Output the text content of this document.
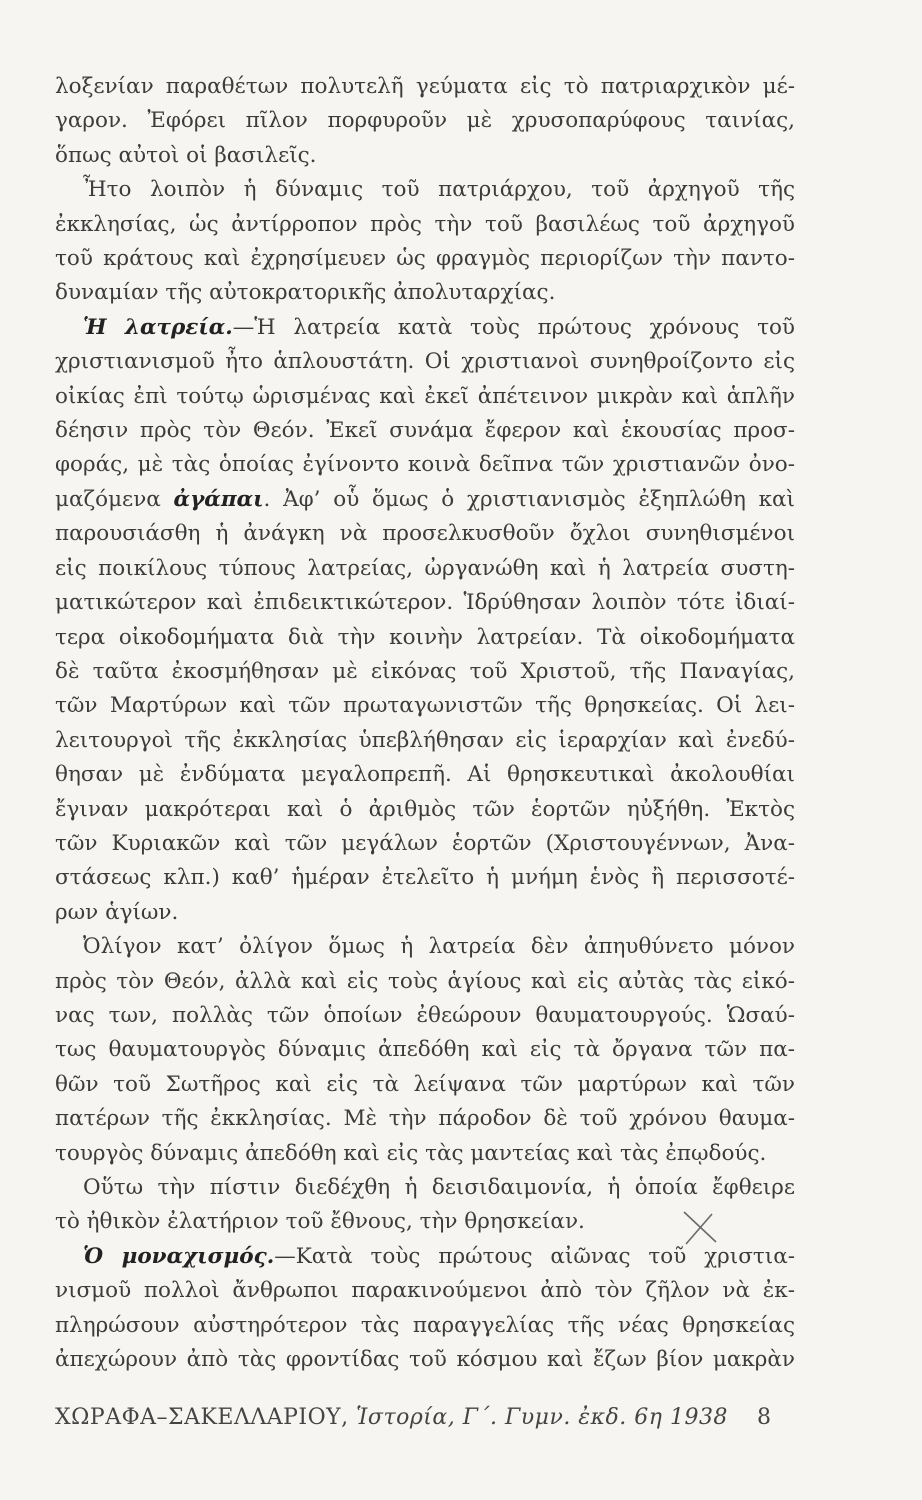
λοξενίαν παραθέτων πολυτελῆ γεύματα εἰς τὸ πατριαρχικὸν μέ-
γαρον. Ἐφόρει πῖλον πορφυροῦν μὲ χρυσοπαρύφους ταινίας,
ὅπως αὐτοὶ οἱ βασιλεῖς.
Ἦτο λοιπὸν ἡ δύναμις τοῦ πατριάρχου, τοῦ ἀρχηγοῦ τῆς
ἐκκλησίας, ὡς ἀντίρροπον πρὸς τὴν τοῦ βασιλέως τοῦ ἀρχηγοῦ
τοῦ κράτους καὶ ἐχρησίμευεν ὡς φραγμὸς περιορίζων τὴν παντο-
δυναμίαν τῆς αὐτοκρατορικῆς ἀπολυταρχίας.
Ἡ λατρεία.—Ἡ λατρεία κατὰ τοὺς πρώτους χρόνους τοῦ
χριστιανισμοῦ ἦτο ἁπλουστάτη. Οἱ χριστιανοὶ συνηθροίζοντο εἰς
οἰκίας ἐπὶ τούτῳ ὡρισμένας καὶ ἐκεῖ ἀπέτεινον μικρὰν καὶ ἁπλῆν
δέησιν πρὸς τὸν Θεόν. Ἐκεῖ συνάμα ἔφερον καὶ ἑκουσίας προσ-
φοράς, μὲ τὰς ὁποίας ἐγίνοντο κοινὰ δεῖπνα τῶν χριστιανῶν ὀνο-
μαζόμενα ἀγάπαι. Ἀφ’ οὗ ὅμως ὁ χριστιανισμὸς ἐξηπλώθη καὶ
παρουσιάσθη ἡ ἀνάγκη νὰ προσελκυσθοῦν ὄχλοι συνηθισμένοι
εἰς ποικίλους τύπους λατρείας, ὠργανώθη καὶ ἡ λατρεία συστη-
ματικώτερον καὶ ἐπιδεικτικώτερον. Ἱδρύθησαν λοιπὸν τότε ἰδιαί-
τερα οἰκοδομήματα διὰ τὴν κοινὴν λατρείαν. Τὰ οἰκοδομήματα
δὲ ταῦτα ἐκοσμήθησαν μὲ εἰκόνας τοῦ Χριστοῦ, τῆς Παναγίας,
τῶν Μαρτύρων καὶ τῶν πρωταγωνιστῶν τῆς θρησκείας. Οἱ λει-
λειτουργοὶ τῆς ἐκκλησίας ὑπεβλήθησαν εἰς ἱεραρχίαν καὶ ἐνεδύ-
θησαν μὲ ἐνδύματα μεγαλοπρεπῆ. Αἱ θρησκευτικαὶ ἀκολουθίαι
ἔγιναν μακρότεραι καὶ ὁ ἀριθμὸς τῶν ἑορτῶν ηὐξήθη. Ἐκτὸς
τῶν Κυριακῶν καὶ τῶν μεγάλων ἑορτῶν (Χριστουγέννων, Ἀνα-
στάσεως κλπ.) καθ’ ἡμέραν ἐτελεῖτο ἡ μνήμη ἑνὸς ἢ περισσοτέ-
ρων ἁγίων.
Ὀλίγον κατ’ ὀλίγον ὅμως ἡ λατρεία δὲν ἀπηυθύνετο μόνον
πρὸς τὸν Θεόν, ἀλλὰ καὶ εἰς τοὺς ἁγίους καὶ εἰς αὐτὰς τὰς εἰκό-
νας των, πολλὰς τῶν ὁποίων ἐθεώρουν θαυματουργούς. Ὡσαύ-
τως θαυματουργὸς δύναμις ἀπεδόθη καὶ εἰς τὰ ὄργανα τῶν πα-
θῶν τοῦ Σωτῆρος καὶ εἰς τὰ λείψανα τῶν μαρτύρων καὶ τῶν
πατέρων τῆς ἐκκλησίας. Μὲ τὴν πάροδον δὲ τοῦ χρόνου θαυμα-
τουργὸς δύναμις ἀπεδόθη καὶ εἰς τὰς μαντείας καὶ τὰς ἐπῳδούς.
Οὕτω τὴν πίστιν διεδέχθη ἡ δεισιδαιμονία, ἡ ὁποία ἔφθειρε
τὸ ἠθικὸν ἐλατήριον τοῦ ἔθνους, τὴν θρησκείαν.
Ὁ μοναχισμός.—Κατὰ τοὺς πρώτους αἰῶνας τοῦ χριστια-
νισμοῦ πολλοὶ ἄνθρωποι παρακινούμενοι ἀπὸ τὸν ζῆλον νὰ ἐκ-
πληρώσουν αὐστηρότερον τὰς παραγγελίας τῆς νέας θρησκείας
ἀπεχώρουν ἀπὸ τὰς φροντίδας τοῦ κόσμου καὶ ἔζων βίον μακρὰν
ΧΩΡΑΦΑ–ΣΑΚΕΛΛΑΡΙΟΥ, Ἱστορία, Γ΄. Γυμν. ἐκδ. 6η 1938 8
